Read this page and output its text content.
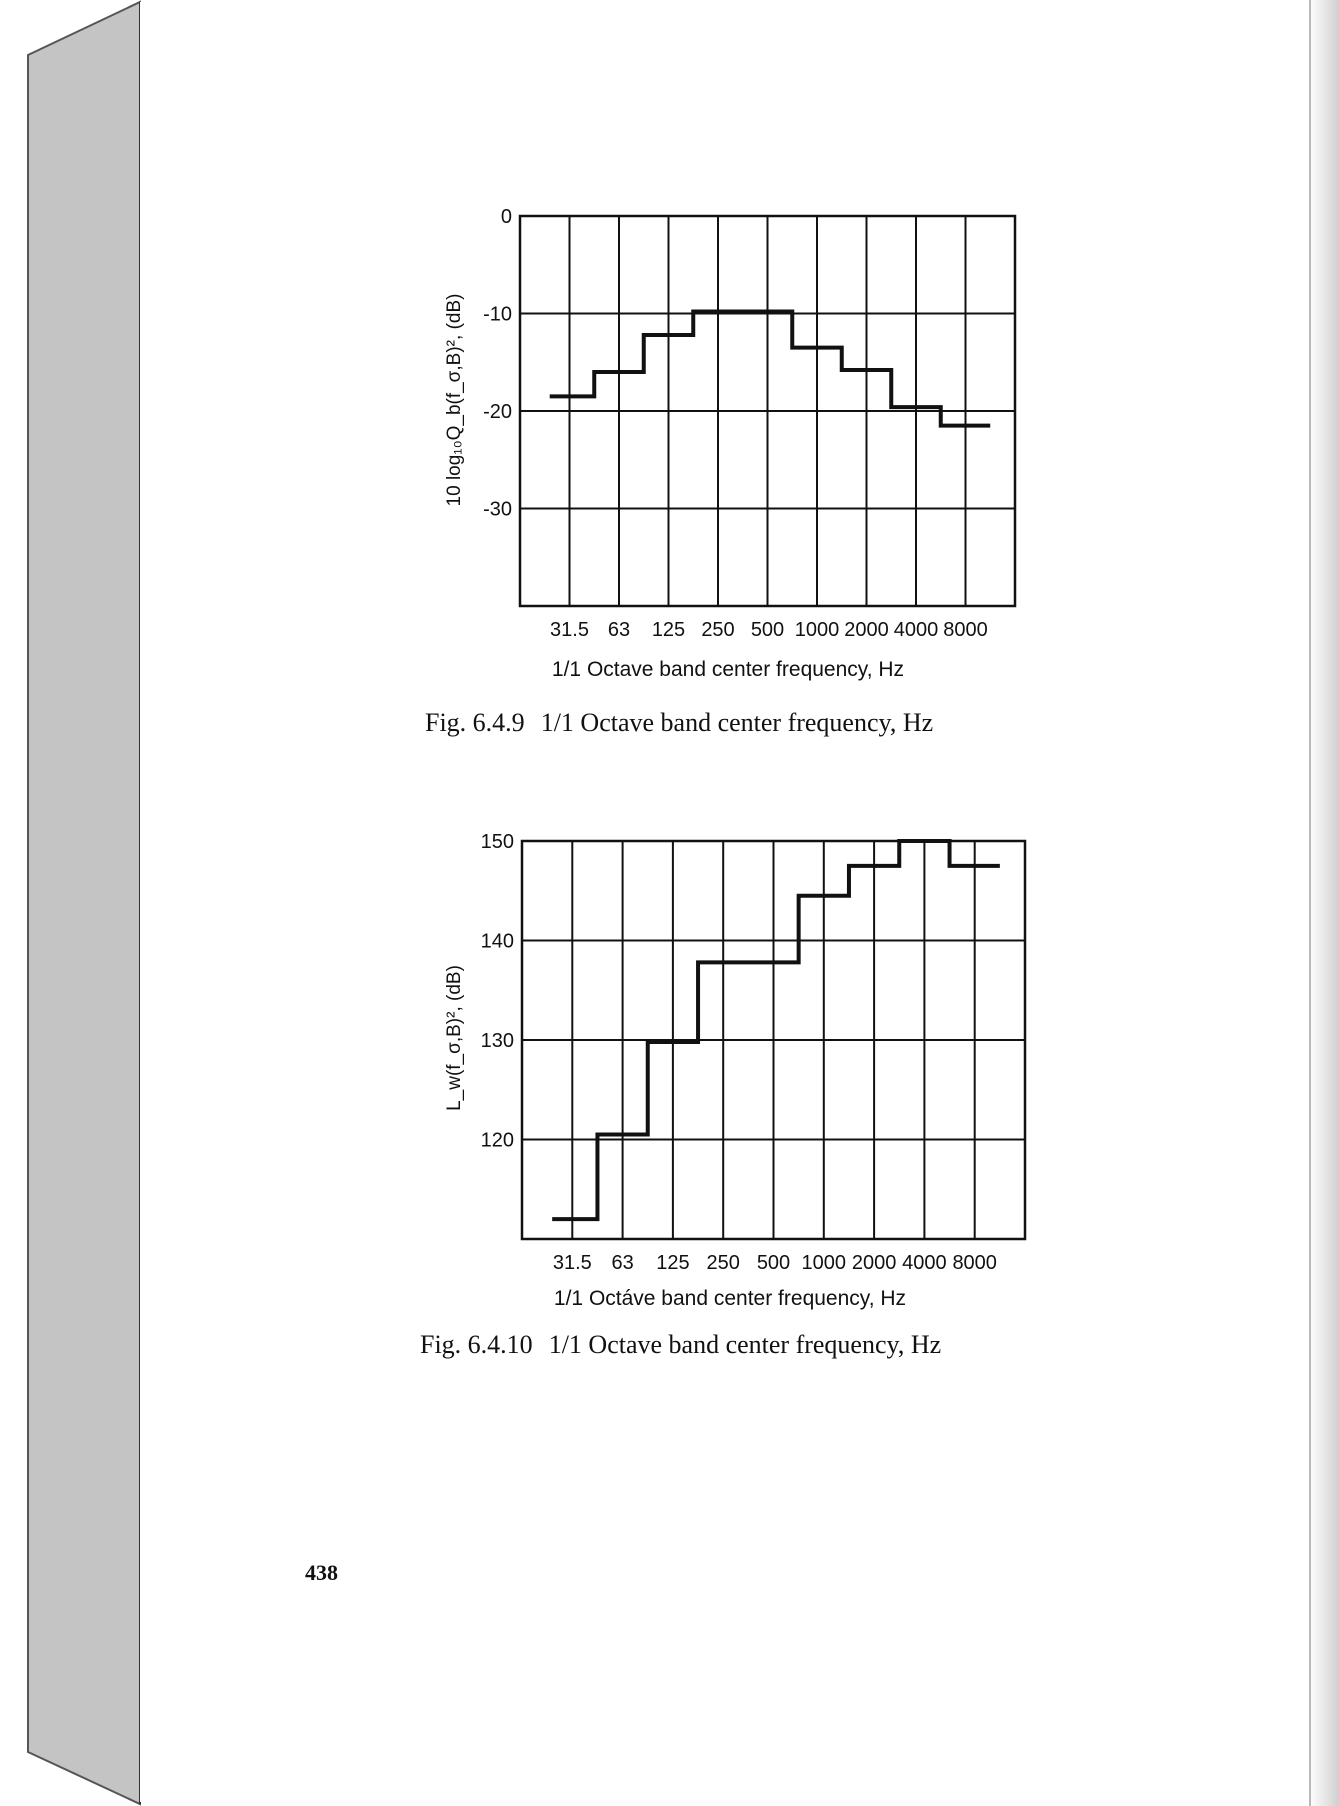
10 log₁₀Q_b(f_σ,B)², (dB)
1/1 Octave band center frequency, Hz
0
-10
-20
-30
31.5 63 125 250 500 1000 2000 4000 8000
Fig. 6.4.9 1/1 Octave band center frequency, Hz
L_w(f_σ,B)², (dB)
1/1 Octáve band center frequency, Hz
150
140
130
120
31.5 63 125 250 500 1000 2000 4000 8000
Fig. 6.4.10 1/1 Octave band center frequency, Hz
438
